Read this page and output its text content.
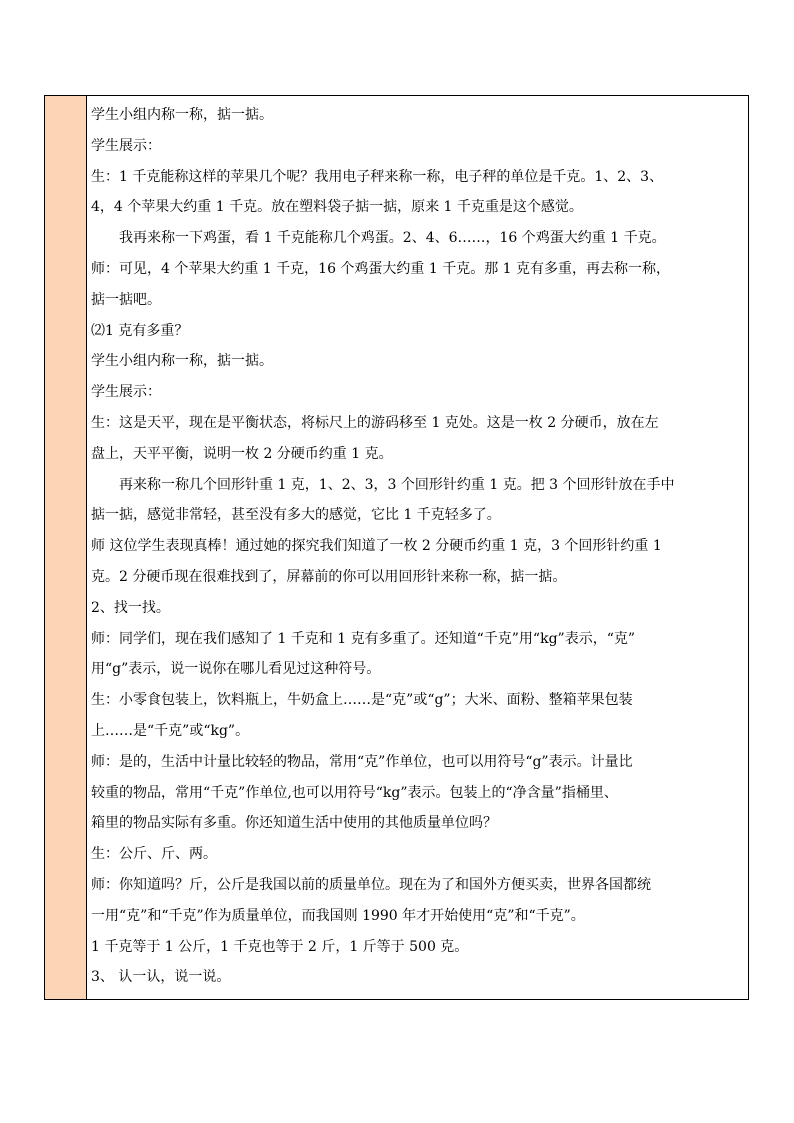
学生小组内称一称，掂一掂。
学生展示：
生：1 千克能称这样的苹果几个呢？我用电子秤来称一称，电子秤的单位是千克。1、2、3、
4，4 个苹果大约重 1 千克。放在塑料袋子掂一掂，原来 1 千克重是这个感觉。
我再来称一下鸡蛋，看 1 千克能称几个鸡蛋。2、4、6……，16 个鸡蛋大约重 1 千克。
师：可见，4 个苹果大约重 1 千克，16 个鸡蛋大约重 1 千克。那 1 克有多重，再去称一称，
掂一掂吧。
⑵1 克有多重？
学生小组内称一称，掂一掂。
学生展示：
生：这是天平，现在是平衡状态，将标尺上的游码移至 1 克处。这是一枚 2 分硬币，放在左
盘上，天平平衡，说明一枚 2 分硬币约重 1 克。
再来称一称几个回形针重 1 克，1、2、3，3 个回形针约重 1 克。把 3 个回形针放在手中
掂一掂，感觉非常轻，甚至没有多大的感觉，它比 1 千克轻多了。
师 这位学生表现真棒！通过她的探究我们知道了一枚 2 分硬币约重 1 克，3 个回形针约重 1
克。2 分硬币现在很难找到了，屏幕前的你可以用回形针来称一称，掂一掂。
2、找一找。
师：同学们，现在我们感知了 1 千克和 1 克有多重了。还知道“千克”用“kg”表示，“克”
用“g”表示，说一说你在哪儿看见过这种符号。
生：小零食包装上，饮料瓶上，牛奶盒上……是“克”或“g”；大米、面粉、整箱苹果包装
上……是“千克”或“kg”。
师：是的，生活中计量比较轻的物品，常用“克”作单位，也可以用符号“g”表示。计量比
较重的物品，常用“千克”作单位,也可以用符号“kg”表示。包装上的“净含量”指桶里、
箱里的物品实际有多重。你还知道生活中使用的其他质量单位吗？
生：公斤、斤、两。
师：你知道吗？斤，公斤是我国以前的质量单位。现在为了和国外方便买卖，世界各国都统
一用“克”和“千克”作为质量单位，而我国则 1990 年才开始使用“克”和“千克”。
1 千克等于 1 公斤，1 千克也等于 2 斤，1 斤等于 500 克。
3、 认一认，说一说。
